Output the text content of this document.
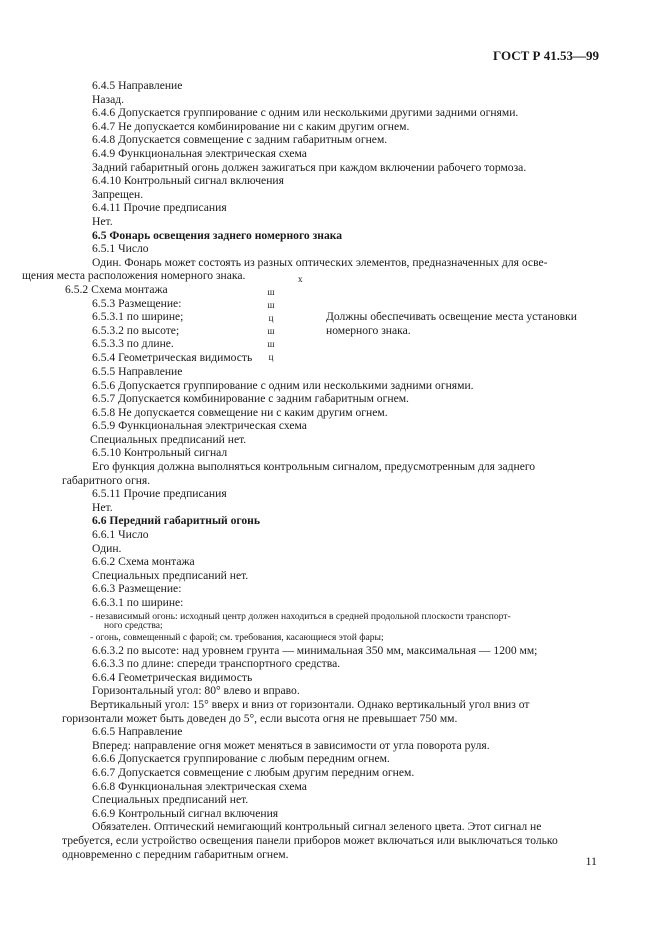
ГОСТ Р 41.53—99
6.4.5 Направление
Назад.
6.4.6 Допускается группирование с одним или несколькими другими задними огнями.
6.4.7 Не допускается комбинирование ни с каким другим огнем.
6.4.8 Допускается совмещение с задним габаритным огнем.
6.4.9 Функциональная электрическая схема
Задний габаритный огонь должен зажигаться при каждом включении рабочего тормоза.
6.4.10 Контрольный сигнал включения
Запрещен.
6.4.11 Прочие предписания
Нет.
6.5 Фонарь освещения заднего номерного знака
6.5.1 Число
Один. Фонарь может состоять из разных оптических элементов, предназначенных для осве-
щения места расположения номерного знака.
6.5.2 Схема монтажа
6.5.3 Размещение:
6.5.3.1 по ширине;
6.5.3.2 по высоте;
6.5.3.3 по длине.
6.5.4 Геометрическая видимость
x
ш
ш
ц
ш
ш
ц
Должны обеспечивать освещение места установки
номерного знака.
6.5.5 Направление
6.5.6 Допускается группирование с одним или несколькими задними огнями.
6.5.7 Допускается комбинирование с задним габаритным огнем.
6.5.8 Не допускается совмещение ни с каким другим огнем.
6.5.9 Функциональная электрическая схема
Специальных предписаний нет.
6.5.10 Контрольный сигнал
Его функция должна выполняться контрольным сигналом, предусмотренным для заднего
габаритного огня.
6.5.11 Прочие предписания
Нет.
6.6 Передний габаритный огонь
6.6.1 Число
Один.
6.6.2 Схема монтажа
Специальных предписаний нет.
6.6.3 Размещение:
6.6.3.1 по ширине:
- независимый огонь: исходный центр должен находиться в средней продольной плоскости транспорт-
ного средства;
- огонь, совмещенный с фарой; см. требования, касающиеся этой фары;
6.6.3.2 по высоте: над уровнем грунта — минимальная 350 мм, максимальная — 1200 мм;
6.6.3.3 по длине: спереди транспортного средства.
6.6.4 Геометрическая видимость
Горизонтальный угол: 80° влево и вправо.
Вертикальный угол: 15° вверх и вниз от горизонтали. Однако вертикальный угол вниз от
горизонтали может быть доведен до 5°, если высота огня не превышает 750 мм.
6.6.5 Направление
Вперед: направление огня может меняться в зависимости от угла поворота руля.
6.6.6 Допускается группирование с любым передним огнем.
6.6.7 Допускается совмещение с любым другим передним огнем.
6.6.8 Функциональная электрическая схема
Специальных предписаний нет.
6.6.9 Контрольный сигнал включения
Обязателен. Оптический немигающий контрольный сигнал зеленого цвета. Этот сигнал не
требуется, если устройство освещения панели приборов может включаться или выключаться только
одновременно с передним габаритным огнем.	11
